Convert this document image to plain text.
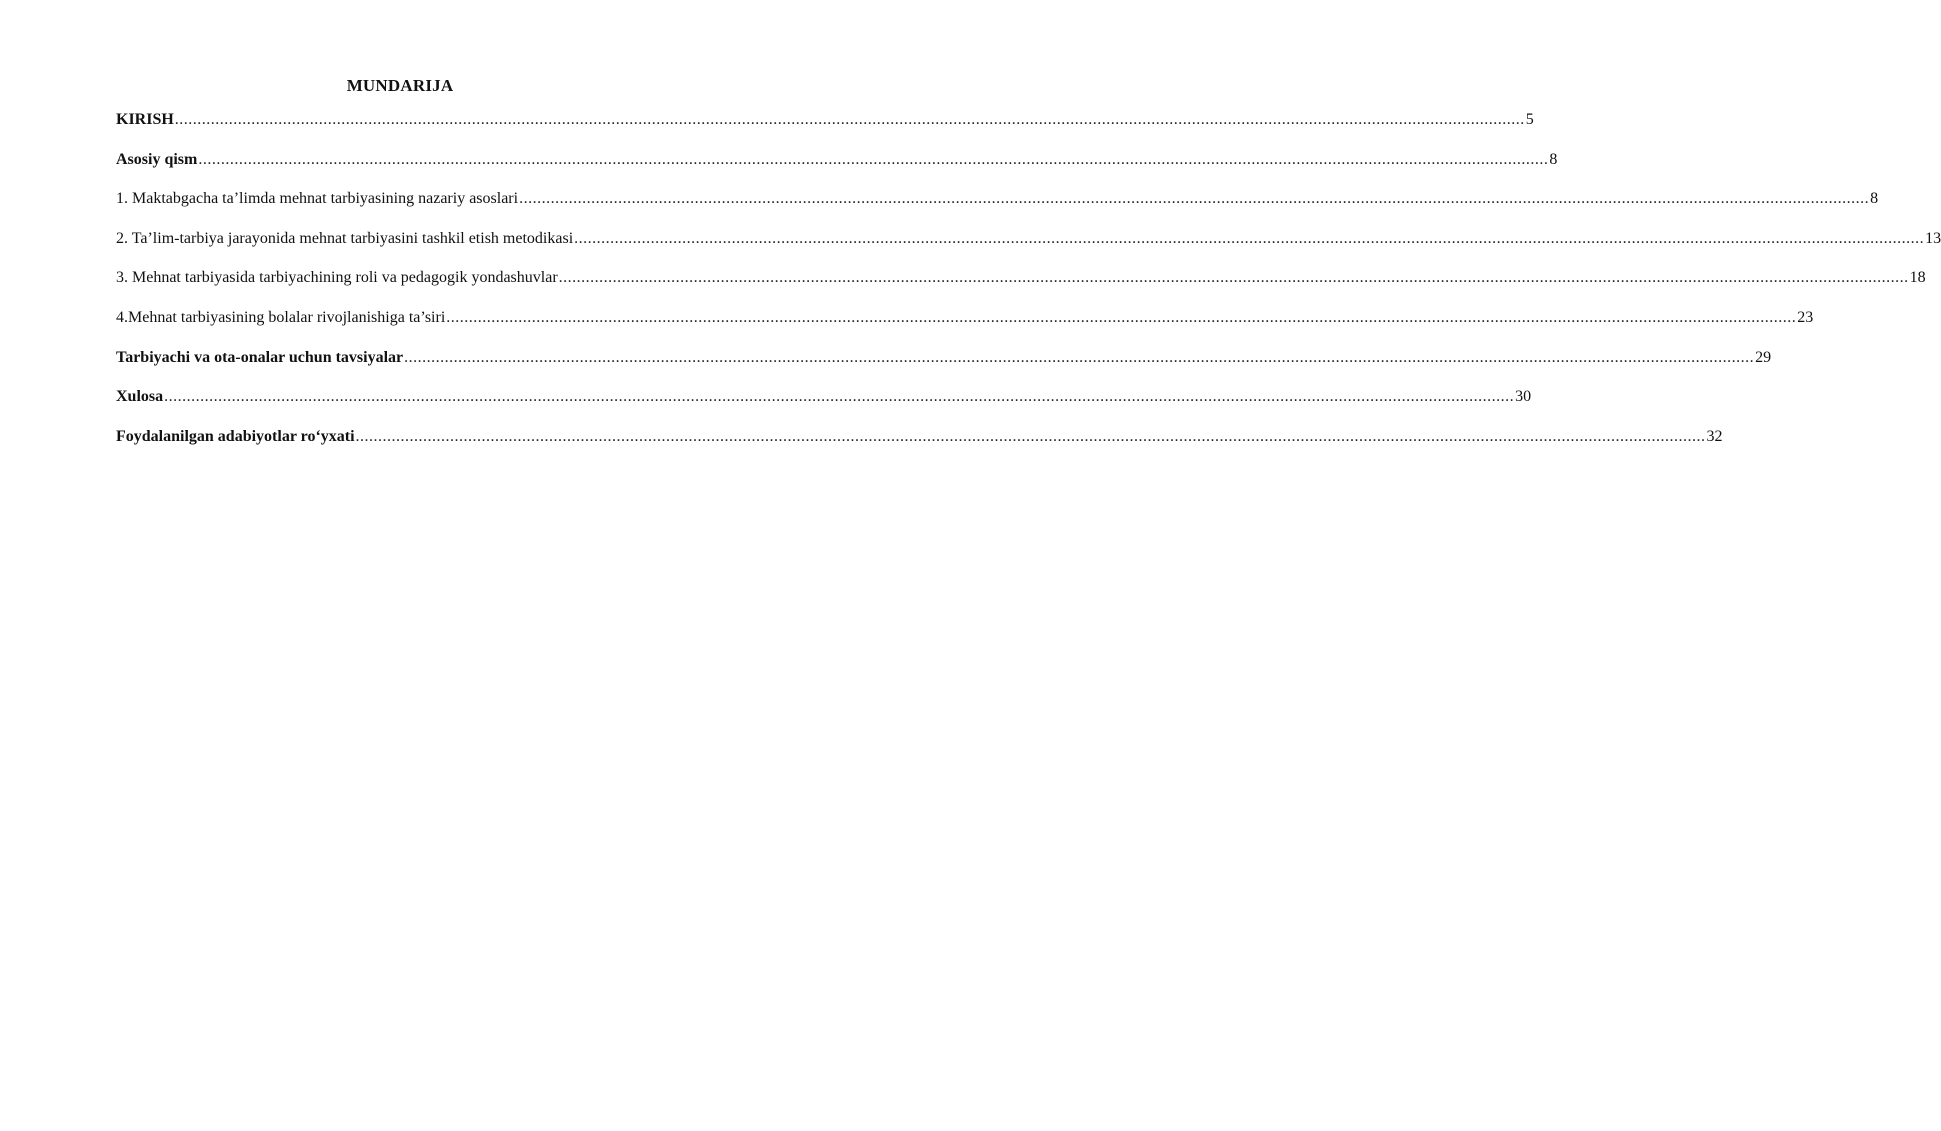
MUNDARIJA
KIRISH ............................................................................................................................................................................................................................................................................................................ 5
Asosiy qism ............................................................................................................................................................................................................................................................................................................ 8
1. Maktabgacha ta’limda mehnat tarbiyasining nazariy asoslari ............................................................................................................................................................................................................................................................................................................ 8
2. Ta’lim-tarbiya jarayonida mehnat tarbiyasini tashkil etish metodikasi ............................................................................................................................................................................................................................................................................................................ 13
3. Mehnat tarbiyasida tarbiyachining roli va pedagogik yondashuvlar ............................................................................................................................................................................................................................................................................................................ 18
4.Mehnat tarbiyasining bolalar rivojlanishiga ta’siri ............................................................................................................................................................................................................................................................................................................ 23
Tarbiyachi va ota-onalar uchun tavsiyalar ............................................................................................................................................................................................................................................................................................................ 29
Xulosa ............................................................................................................................................................................................................................................................................................................ 30
Foydalanilgan adabiyotlar ro‘yxati ............................................................................................................................................................................................................................................................................................................ 32
